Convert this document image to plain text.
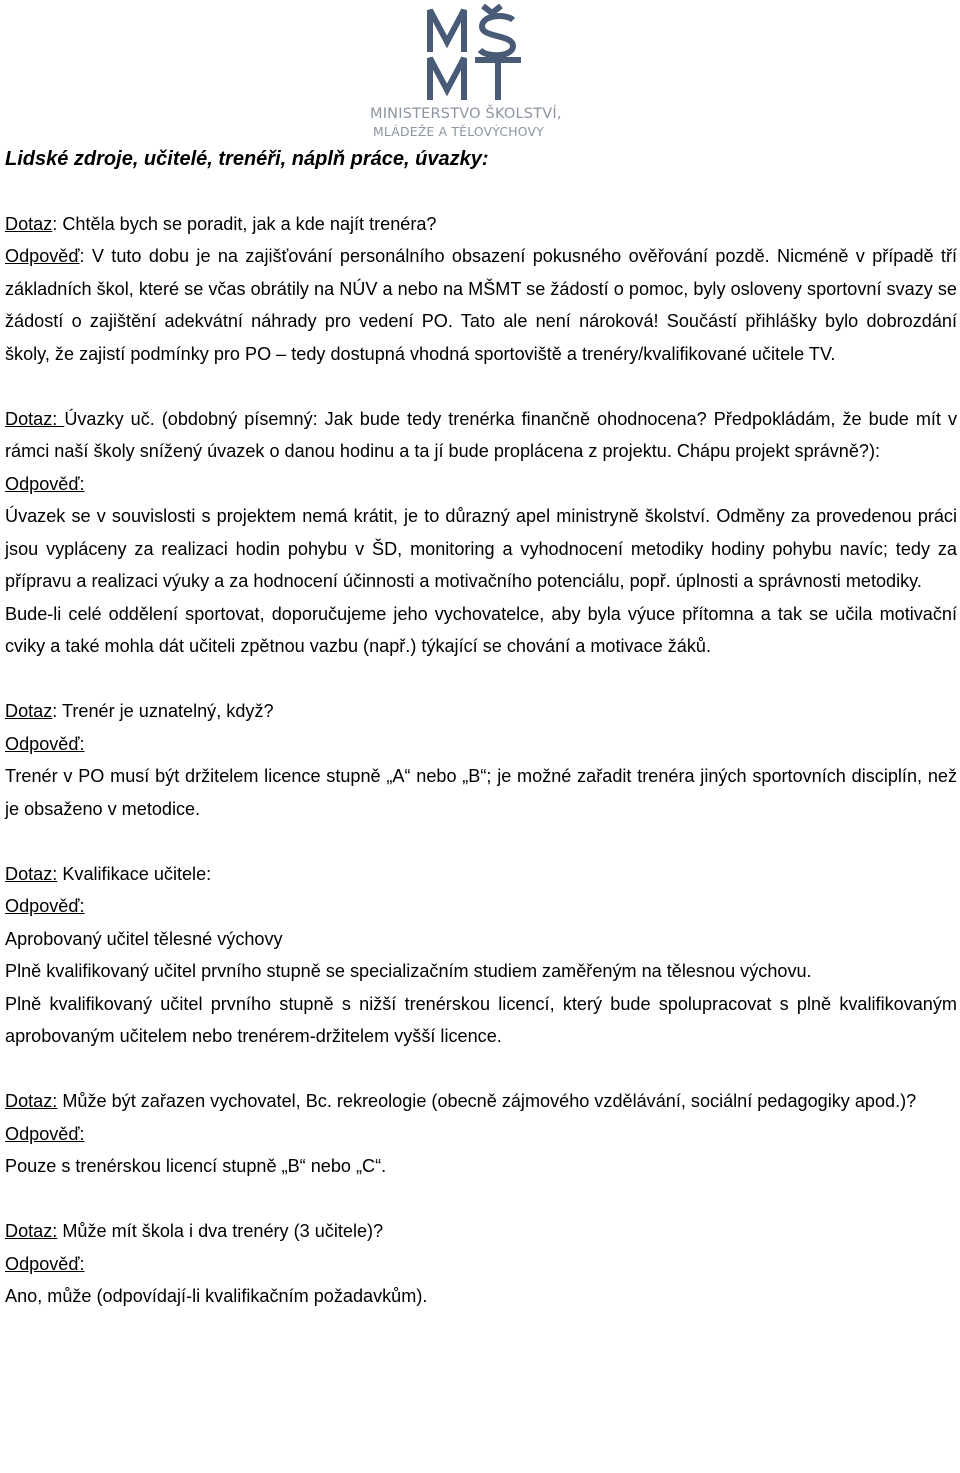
MINISTERSTVO ŠKOLSTVÍ,
MLÁDEŽE A TĚLOVÝCHOVY
Lidské zdroje, učitelé, trenéři, náplň práce, úvazky:

Dotaz: Chtěla bych se poradit, jak a kde najít trenéra?

Odpověď: V tuto dobu je na zajišťování personálního obsazení pokusného ověřování pozdě. Nicméně v případě tří základních škol, které se včas obrátily na NÚV a nebo na MŠMT se žádostí o pomoc, byly osloveny sportovní svazy se žádostí o zajištění adekvátní náhrady pro vedení PO. Tato ale není nároková! Součástí přihlášky bylo dobrozdání školy, že zajistí podmínky pro PO – tedy dostupná vhodná sportoviště a trenéry/kvalifikované učitele TV.

Dotaz: Úvazky uč. (obdobný písemný: Jak bude tedy trenérka finančně ohodnocena? Předpokládám, že bude mít v rámci naší školy snížený úvazek o danou hodinu a ta jí bude proplácena z projektu. Chápu projekt správně?):

Odpověď:

Úvazek se v souvislosti s projektem nemá krátit, je to důrazný apel ministryně školství. Odměny za provedenou práci jsou vypláceny za realizaci hodin pohybu v ŠD, monitoring a vyhodnocení metodiky hodiny pohybu navíc; tedy za přípravu a realizaci výuky a za hodnocení účinnosti a motivačního potenciálu, popř. úplnosti a správnosti metodiky.

Bude-li celé oddělení sportovat, doporučujeme jeho vychovatelce, aby byla výuce přítomna a tak se učila motivační cviky a také mohla dát učiteli zpětnou vazbu (např.) týkající se chování a motivace žáků.

Dotaz: Trenér je uznatelný, když?

Odpověď:

Trenér v PO musí být držitelem licence stupně „A“ nebo „B“; je možné zařadit trenéra jiných sportovních disciplín, než je obsaženo v metodice.

Dotaz: Kvalifikace učitele:

Odpověď:

Aprobovaný učitel tělesné výchovy

Plně kvalifikovaný učitel prvního stupně se specializačním studiem zaměřeným na tělesnou výchovu.

Plně kvalifikovaný učitel prvního stupně s nižší trenérskou licencí, který bude spolupracovat s plně kvalifikovaným aprobovaným učitelem nebo trenérem-držitelem vyšší licence.

Dotaz: Může být zařazen vychovatel, Bc. rekreologie (obecně zájmového vzdělávání, sociální pedagogiky apod.)?

Odpověď:

Pouze s trenérskou licencí stupně „B“ nebo „C“.

Dotaz: Může mít škola i dva trenéry (3 učitele)?

Odpověď:

Ano, může (odpovídají-li kvalifikačním požadavkům).
